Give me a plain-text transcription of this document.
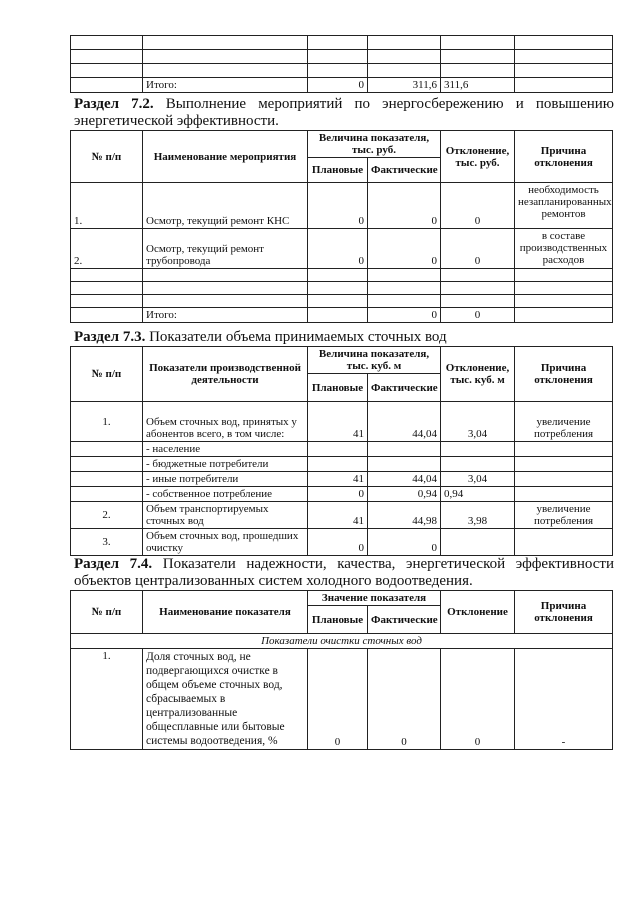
	Итого:	0	311,6	311,6	
Раздел 7.2. Выполнение мероприятий по энергосбережению и повышению энергетической эффективности.
№ п/п	Наименование мероприятия	Величина показателя, тыс. руб.		Отклонение, тыс. руб.	Причина отклонения
		Плановые	Фактические		
1.	Осмотр, текущий ремонт КНС	0	0	0	необходимость незапланированных ремонтов
2.	Осмотр, текущий ремонт трубопровода	0	0	0	в составе производственных расходов

	Итого:		0	0	
Раздел 7.3. Показатели объема принимаемых сточных вод
№ п/п	Показатели производственной деятельности	Величина показателя, тыс. куб. м		Отклонение, тыс. куб. м	Причина отклонения
		Плановые	Фактические		
1.	Объем сточных вод, принятых у абонентов всего, в том числе:	41	44,04	3,04	увеличение потребления
	- население				
	- бюджетные потребители				
	- иные потребители	41	44,04	3,04	
	- собственное потребление	0	0,94	0,94	
2.	Объем транспортируемых сточных вод	41	44,98	3,98	увеличение потребления
3.	Объем сточных вод, прошедших очистку	0	0		
Раздел 7.4. Показатели надежности, качества, энергетической эффективности объектов централизованных систем холодного водоотведения.
№ п/п	Наименование показателя	Значение показателя		Отклонение	Причина отклонения
		Плановые	Фактические		
Показатели очистки сточных вод					
1.	Доля сточных вод, не подвергающихся очистке в общем объеме сточных вод, сбрасываемых в централизованные общесплавные или бытовые системы водоотведения, %	0	0	0	-
